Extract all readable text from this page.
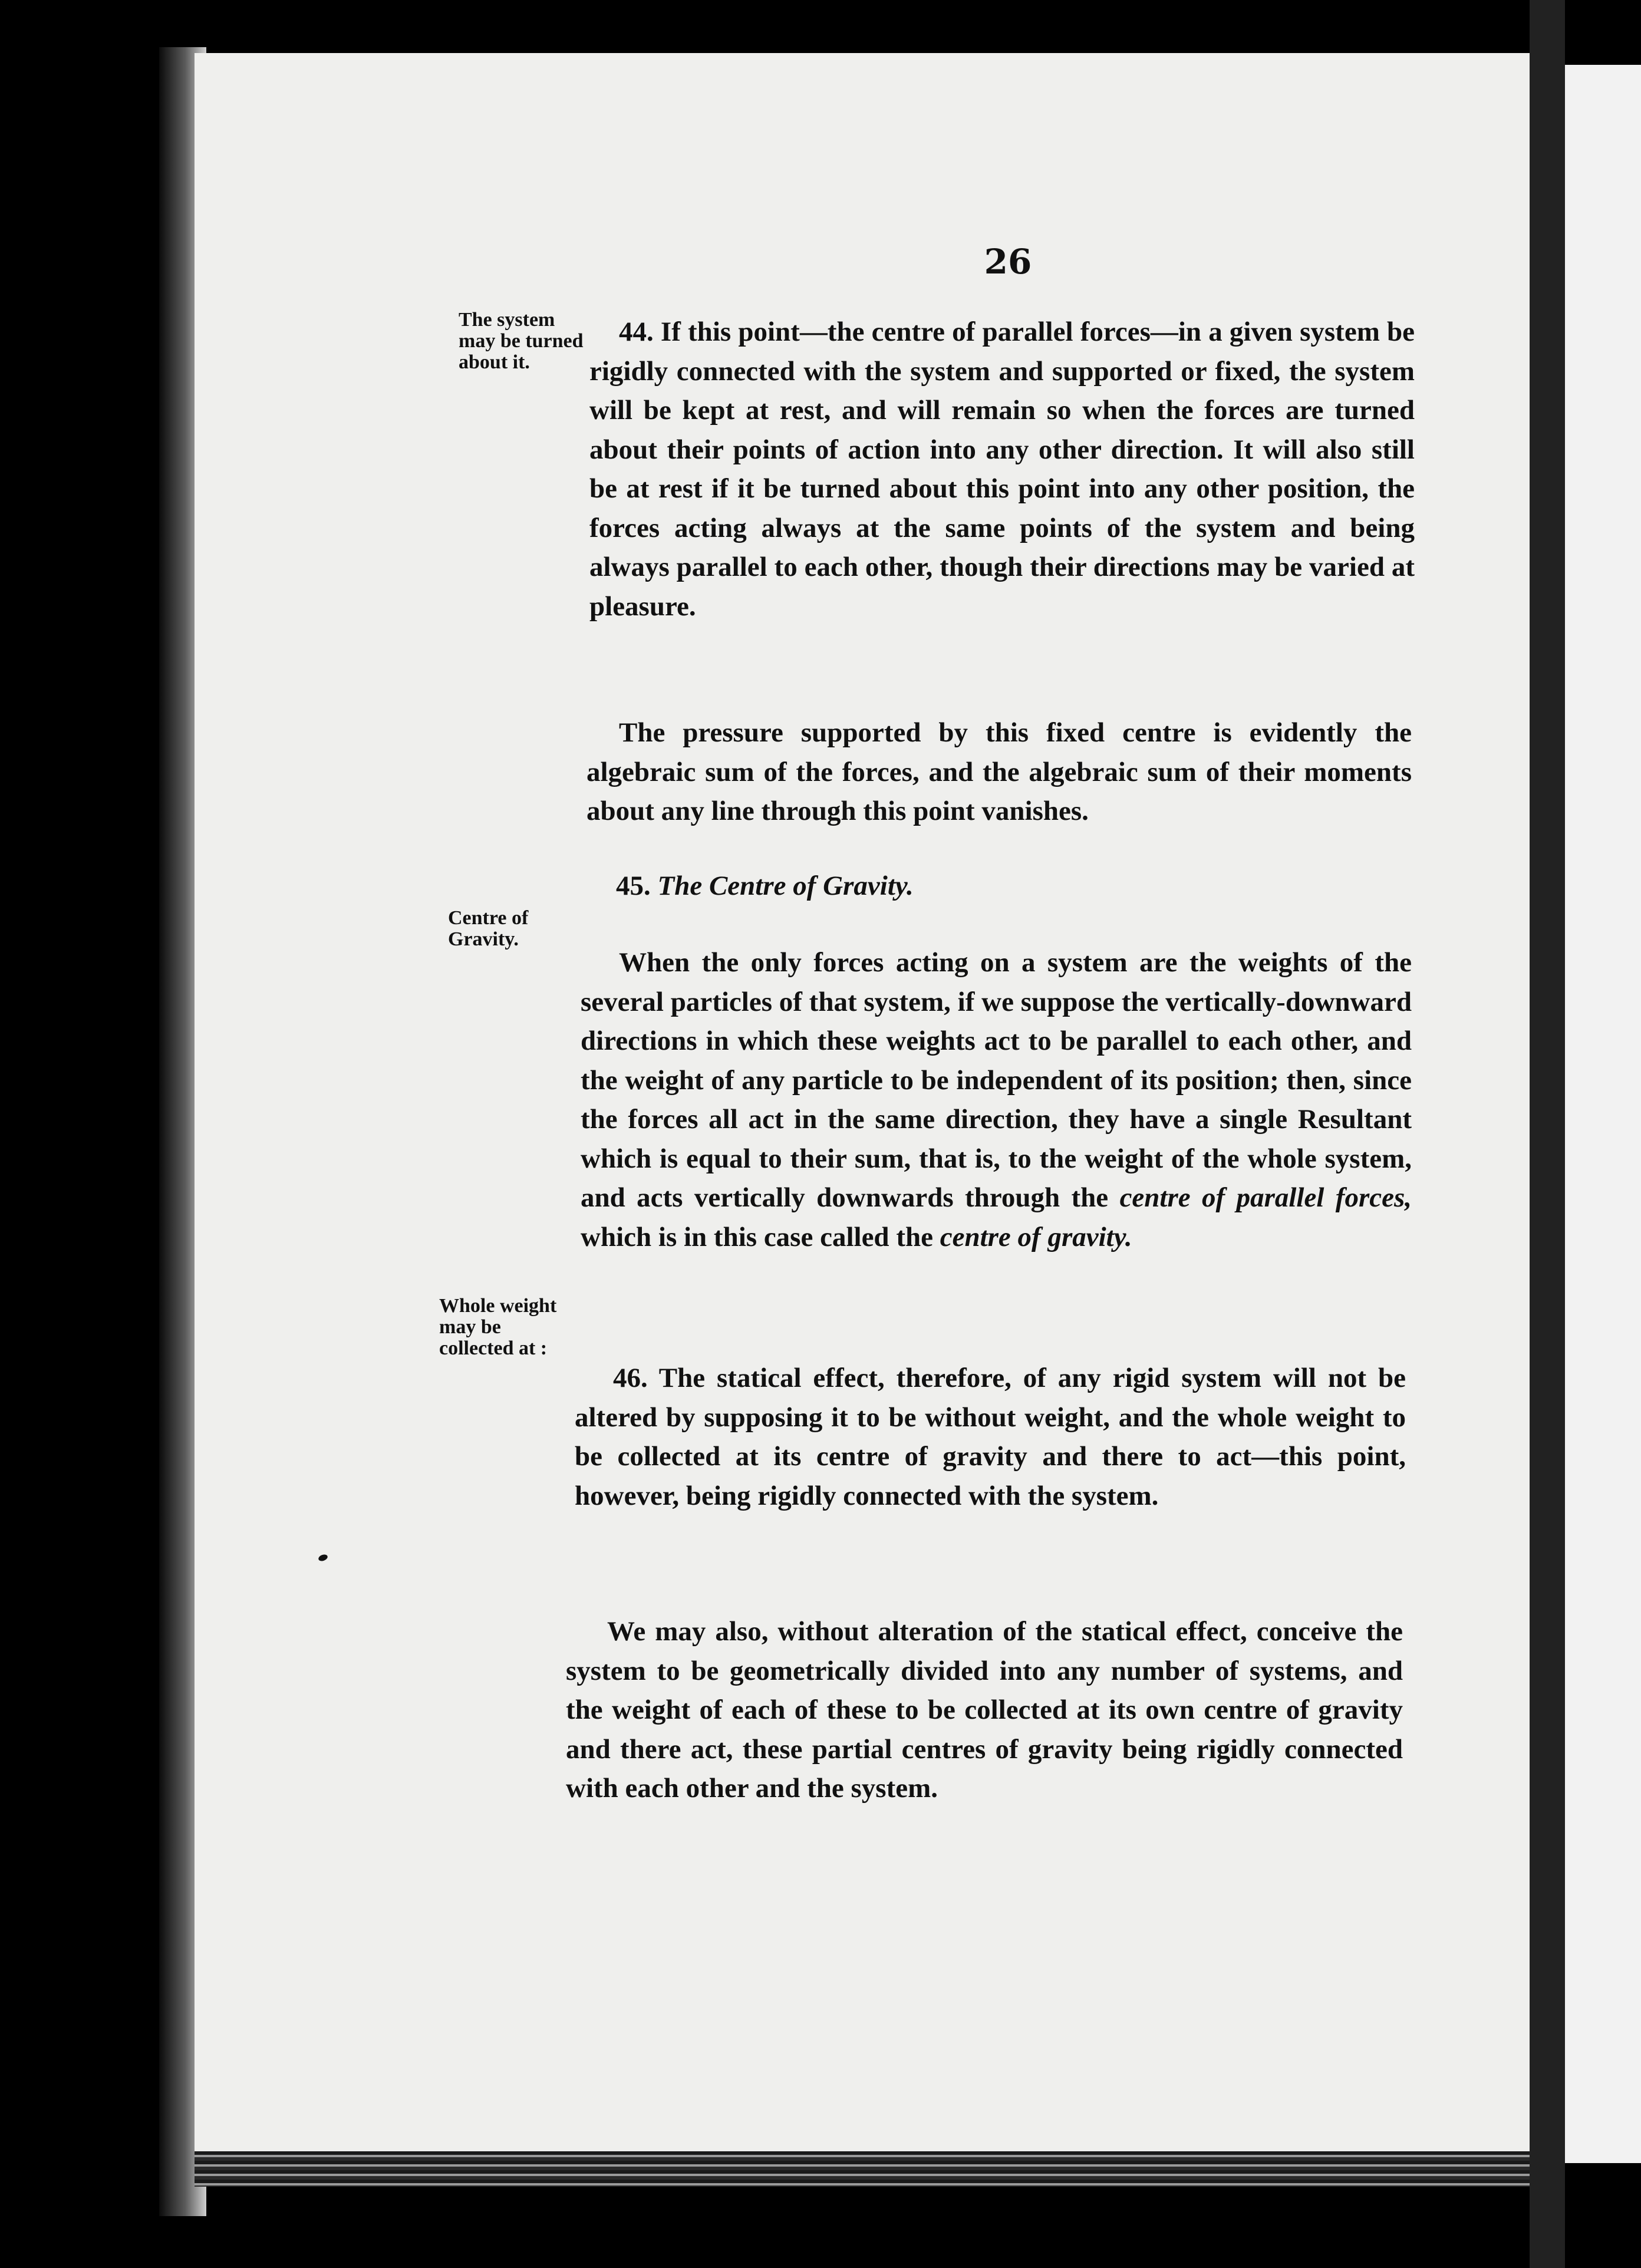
26
The system may be turned about it.
Centre of Gravity.
Whole weight may be collected at :

44. If this point—the centre of parallel forces—in a given system be rigidly connected with the system and supported or fixed, the system will be kept at rest, and will remain so when the forces are turned about their points of action into any other direction. It will also still be at rest if it be turned about this point into any other position, the forces acting always at the same points of the system and being always parallel to each other, though their directions may be varied at pleasure.

The pressure supported by this fixed centre is evidently the algebraic sum of the forces, and the algebraic sum of their moments about any line through this point vanishes.

45. The Centre of Gravity.

When the only forces acting on a system are the weights of the several particles of that system, if we suppose the vertically-downward directions in which these weights act to be parallel to each other, and the weight of any particle to be independent of its position; then, since the forces all act in the same direction, they have a single Resultant which is equal to their sum, that is, to the weight of the whole system, and acts vertically downwards through the centre of parallel forces, which is in this case called the centre of gravity.

46. The statical effect, therefore, of any rigid system will not be altered by supposing it to be without weight, and the whole weight to be collected at its centre of gravity and there to act—this point, however, being rigidly connected with the system.

We may also, without alteration of the statical effect, conceive the system to be geometrically divided into any number of systems, and the weight of each of these to be collected at its own centre of gravity and there act, these partial centres of gravity being rigidly connected with each other and the system.
